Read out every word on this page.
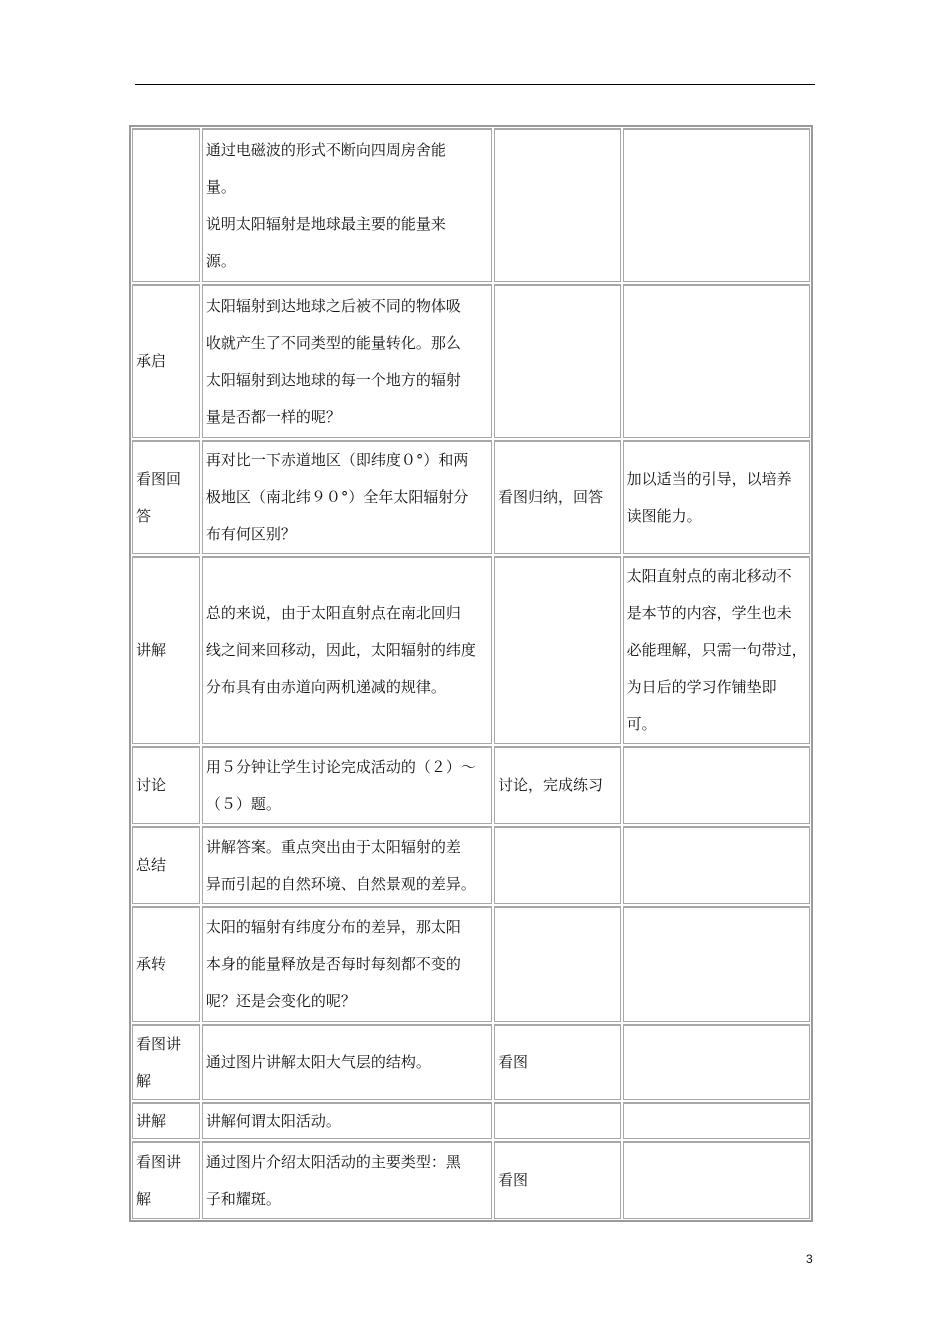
通过电磁波的形式不断向四周房舍能
量。
说明太阳辐射是地球最主要的能量来
源。
承启
太阳辐射到达地球之后被不同的物体吸
收就产生了不同类型的能量转化。那么
太阳辐射到达地球的每一个地方的辐射
量是否都一样的呢？
看图回
答
再对比一下赤道地区（即纬度０°）和两
极地区（南北纬９０°）全年太阳辐射分
布有何区别？
看图归纳，回答
加以适当的引导，以培养
读图能力。
讲解
总的来说，由于太阳直射点在南北回归
线之间来回移动，因此，太阳辐射的纬度
分布具有由赤道向两机递减的规律。
太阳直射点的南北移动不
是本节的内容，学生也未
必能理解，只需一句带过，
为日后的学习作铺垫即
可。
讨论
用５分钟让学生讨论完成活动的（２）～
（５）题。
讨论，完成练习
总结
讲解答案。重点突出由于太阳辐射的差
异而引起的自然环境、自然景观的差异。
承转
太阳的辐射有纬度分布的差异，那太阳
本身的能量释放是否每时每刻都不变的
呢？还是会变化的呢？
看图讲
解
通过图片讲解太阳大气层的结构。	看图
讲解	讲解何谓太阳活动。
看图讲
解
通过图片介绍太阳活动的主要类型：黑
子和耀斑。
看图
3
